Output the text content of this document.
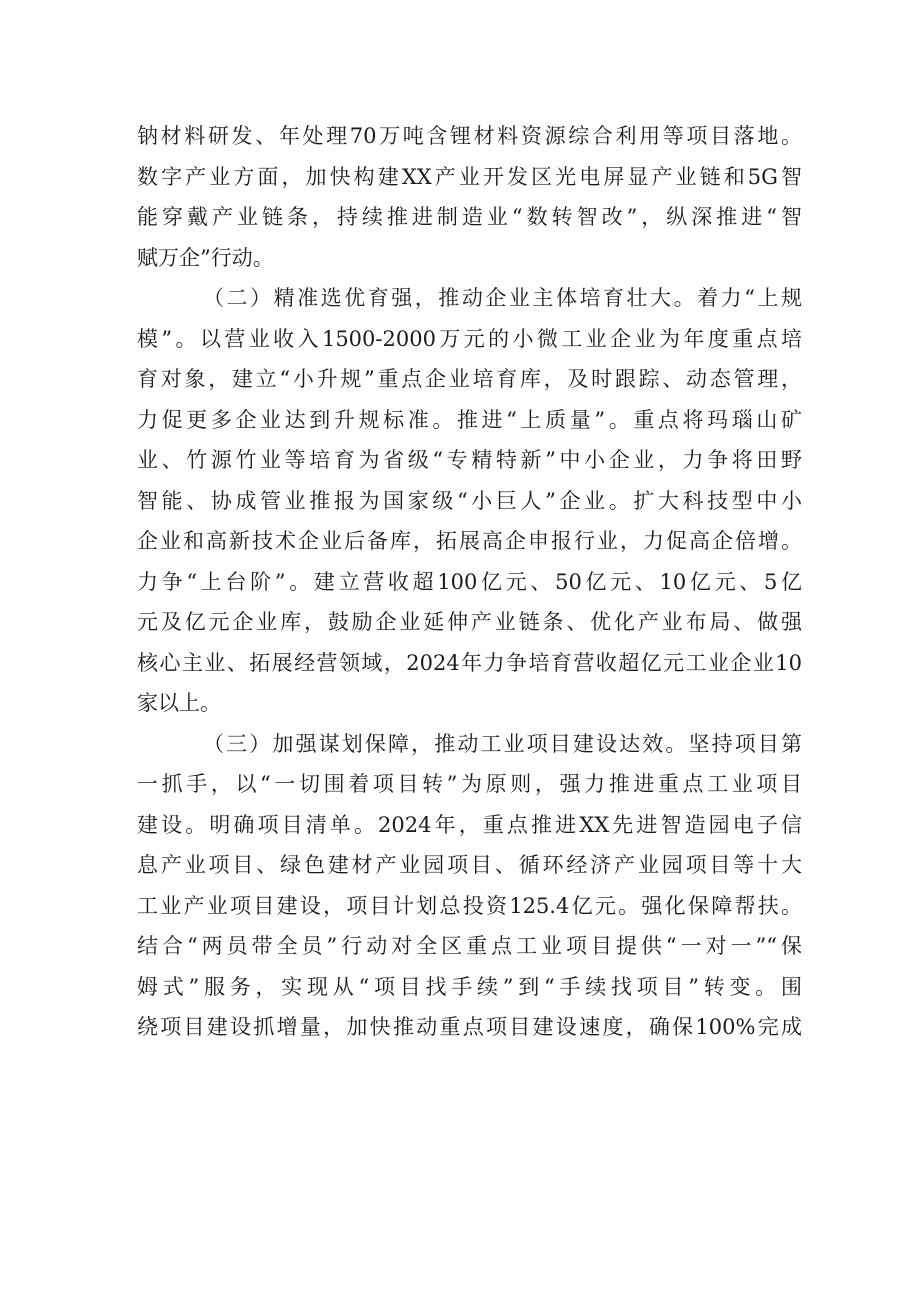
钠材料研发、年处理70万吨含锂材料资源综合利用等项目落地。
数字产业方面，加快构建XX产业开发区光电屏显产业链和5G智
能穿戴产业链条，持续推进制造业“数转智改”，纵深推进“智
赋万企”行动。
（二）精准选优育强，推动企业主体培育壮大。着力“上规
模”。以营业收入1500-2000万元的小微工业企业为年度重点培
育对象，建立“小升规”重点企业培育库，及时跟踪、动态管理，
力促更多企业达到升规标准。推进“上质量”。重点将玛瑙山矿
业、竹源竹业等培育为省级“专精特新”中小企业，力争将田野
智能、协成管业推报为国家级“小巨人”企业。扩大科技型中小
企业和高新技术企业后备库，拓展高企申报行业，力促高企倍增。
力争“上台阶”。建立营收超100亿元、50亿元、10亿元、5亿
元及亿元企业库，鼓励企业延伸产业链条、优化产业布局、做强
核心主业、拓展经营领域，2024年力争培育营收超亿元工业企业10
家以上。
（三）加强谋划保障，推动工业项目建设达效。坚持项目第
一抓手，以“一切围着项目转”为原则，强力推进重点工业项目
建设。明确项目清单。2024年，重点推进XX先进智造园电子信
息产业项目、绿色建材产业园项目、循环经济产业园项目等十大
工业产业项目建设，项目计划总投资125.4亿元。强化保障帮扶。
结合“两员带全员”行动对全区重点工业项目提供“一对一”“保
姆式”服务，实现从“项目找手续”到“手续找项目”转变。围
绕项目建设抓增量，加快推动重点项目建设速度，确保100%完成
